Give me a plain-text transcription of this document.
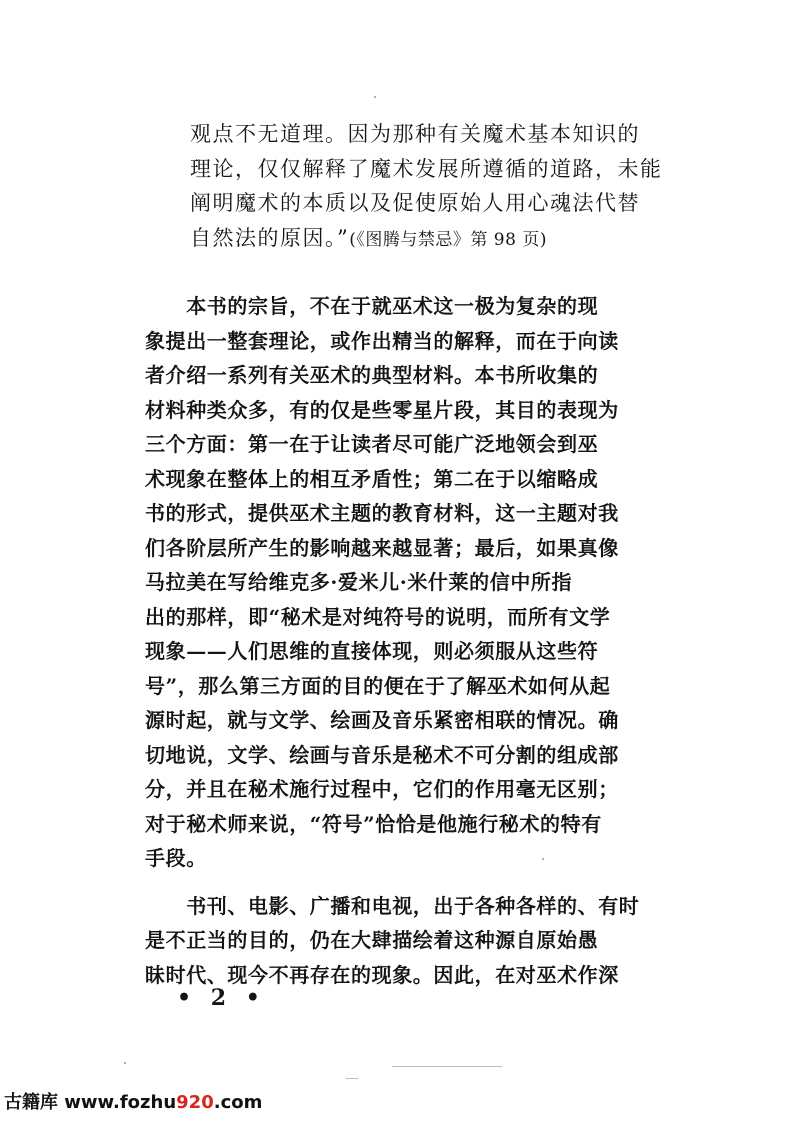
观点不无道理。因为那种有关魔术基本知识的
理论，仅仅解释了魔术发展所遵循的道路，未能
阐明魔术的本质以及促使原始人用心魂法代替
自然法的原因。”(《图腾与禁忌》第 98 页)
　　本书的宗旨，不在于就巫术这一极为复杂的现
象提出一整套理论，或作出精当的解释，而在于向读
者介绍一系列有关巫术的典型材料。本书所收集的
材料种类众多，有的仅是些零星片段，其目的表现为
三个方面：第一在于让读者尽可能广泛地领会到巫
术现象在整体上的相互矛盾性；第二在于以缩略成
书的形式，提供巫术主题的教育材料，这一主题对我
们各阶层所产生的影响越来越显著；最后，如果真像
马拉美在写给维克多·爱米儿·米什莱的信中所指
出的那样，即“秘术是对纯符号的说明，而所有文学
现象——人们思维的直接体现，则必须服从这些符
号”，那么第三方面的目的便在于了解巫术如何从起
源时起，就与文学、绘画及音乐紧密相联的情况。确
切地说，文学、绘画与音乐是秘术不可分割的组成部
分，并且在秘术施行过程中，它们的作用毫无区别；
对于秘术师来说，“符号”恰恰是他施行秘术的特有
手段。
　　书刊、电影、广播和电视，出于各种各样的、有时
是不正当的目的，仍在大肆描绘着这种源自原始愚
昧时代、现今不再存在的现象。因此，在对巫术作深
• 2 •
古籍库 www.fozhu920.com
